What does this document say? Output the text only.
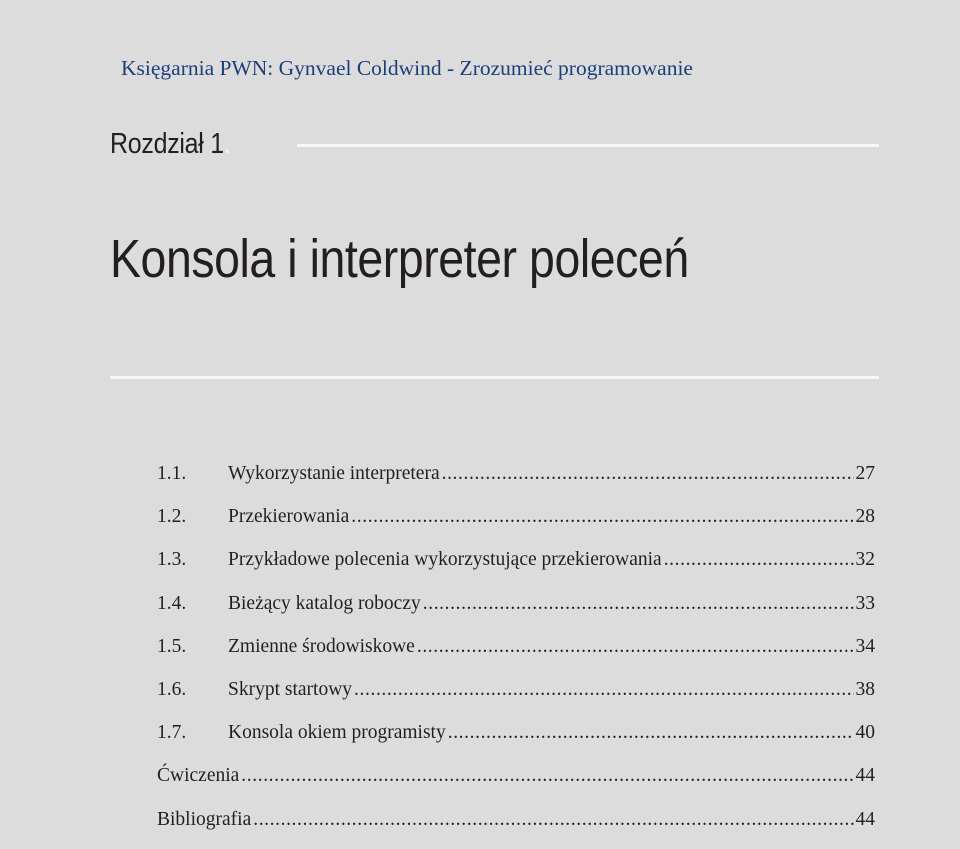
Księgarnia PWN: Gynvael Coldwind - Zrozumieć programowanie
Rozdział 1.
Konsola i interpreter poleceń
1.1.	Wykorzystanie interpretera .....	27
1.2.	Przekierowania .....	28
1.3.	Przykładowe polecenia wykorzystujące przekierowania .....	32
1.4.	Bieżący katalog roboczy .....	33
1.5.	Zmienne środowiskowe .....	34
1.6.	Skrypt startowy .....	38
1.7.	Konsola okiem programisty .....	40
Ćwiczenia .....	44
Bibliografia .....	44
